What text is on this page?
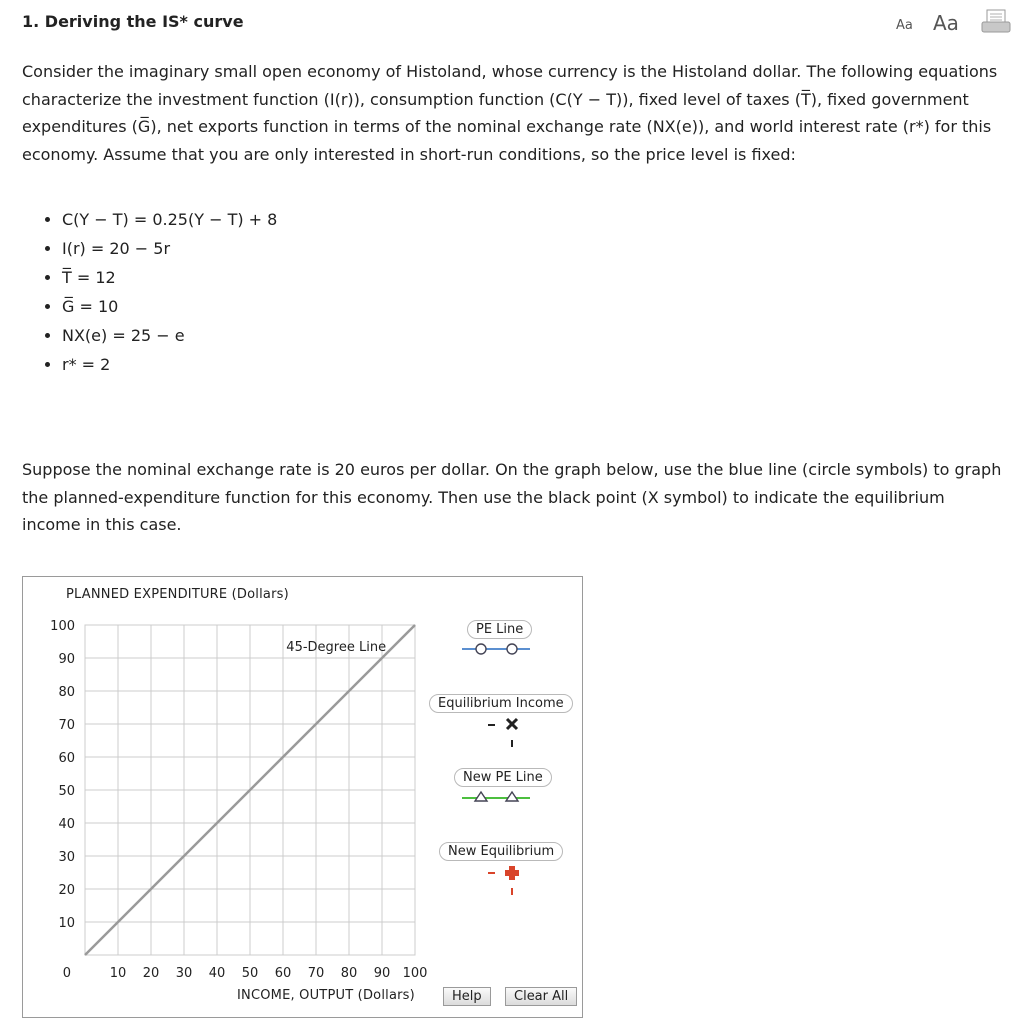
1. Deriving the IS* curve	Aa Aa

Consider the imaginary small open economy of Histoland, whose currency is the Histoland dollar. The following equations characterize the investment function (I(r)), consumption function (C(Y − T)), fixed level of taxes (T̅), fixed government expenditures (G̅), net exports function in terms of the nominal exchange rate (NX(e)), and world interest rate (r*) for this economy. Assume that you are only interested in short-run conditions, so the price level is fixed:

• C(Y − T) = 0.25(Y − T) + 8
• I(r) = 20 − 5r
• T̅ = 12
• G̅ = 10
• NX(e) = 25 − e
• r* = 2

Suppose the nominal exchange rate is 20 euros per dollar. On the graph below, use the blue line (circle symbols) to graph the planned-expenditure function for this economy. Then use the black point (X symbol) to indicate the equilibrium income in this case.

10
20
30
40
50
60
70
80
90
100
10 20 30 40 50 60 70 80 90 100
0
45-Degree Line
PLANNED EXPENDITURE (Dollars)
INCOME, OUTPUT (Dollars)
PE Line
Equilibrium Income
New PE Line
New Equilibrium
Help	Clear All
